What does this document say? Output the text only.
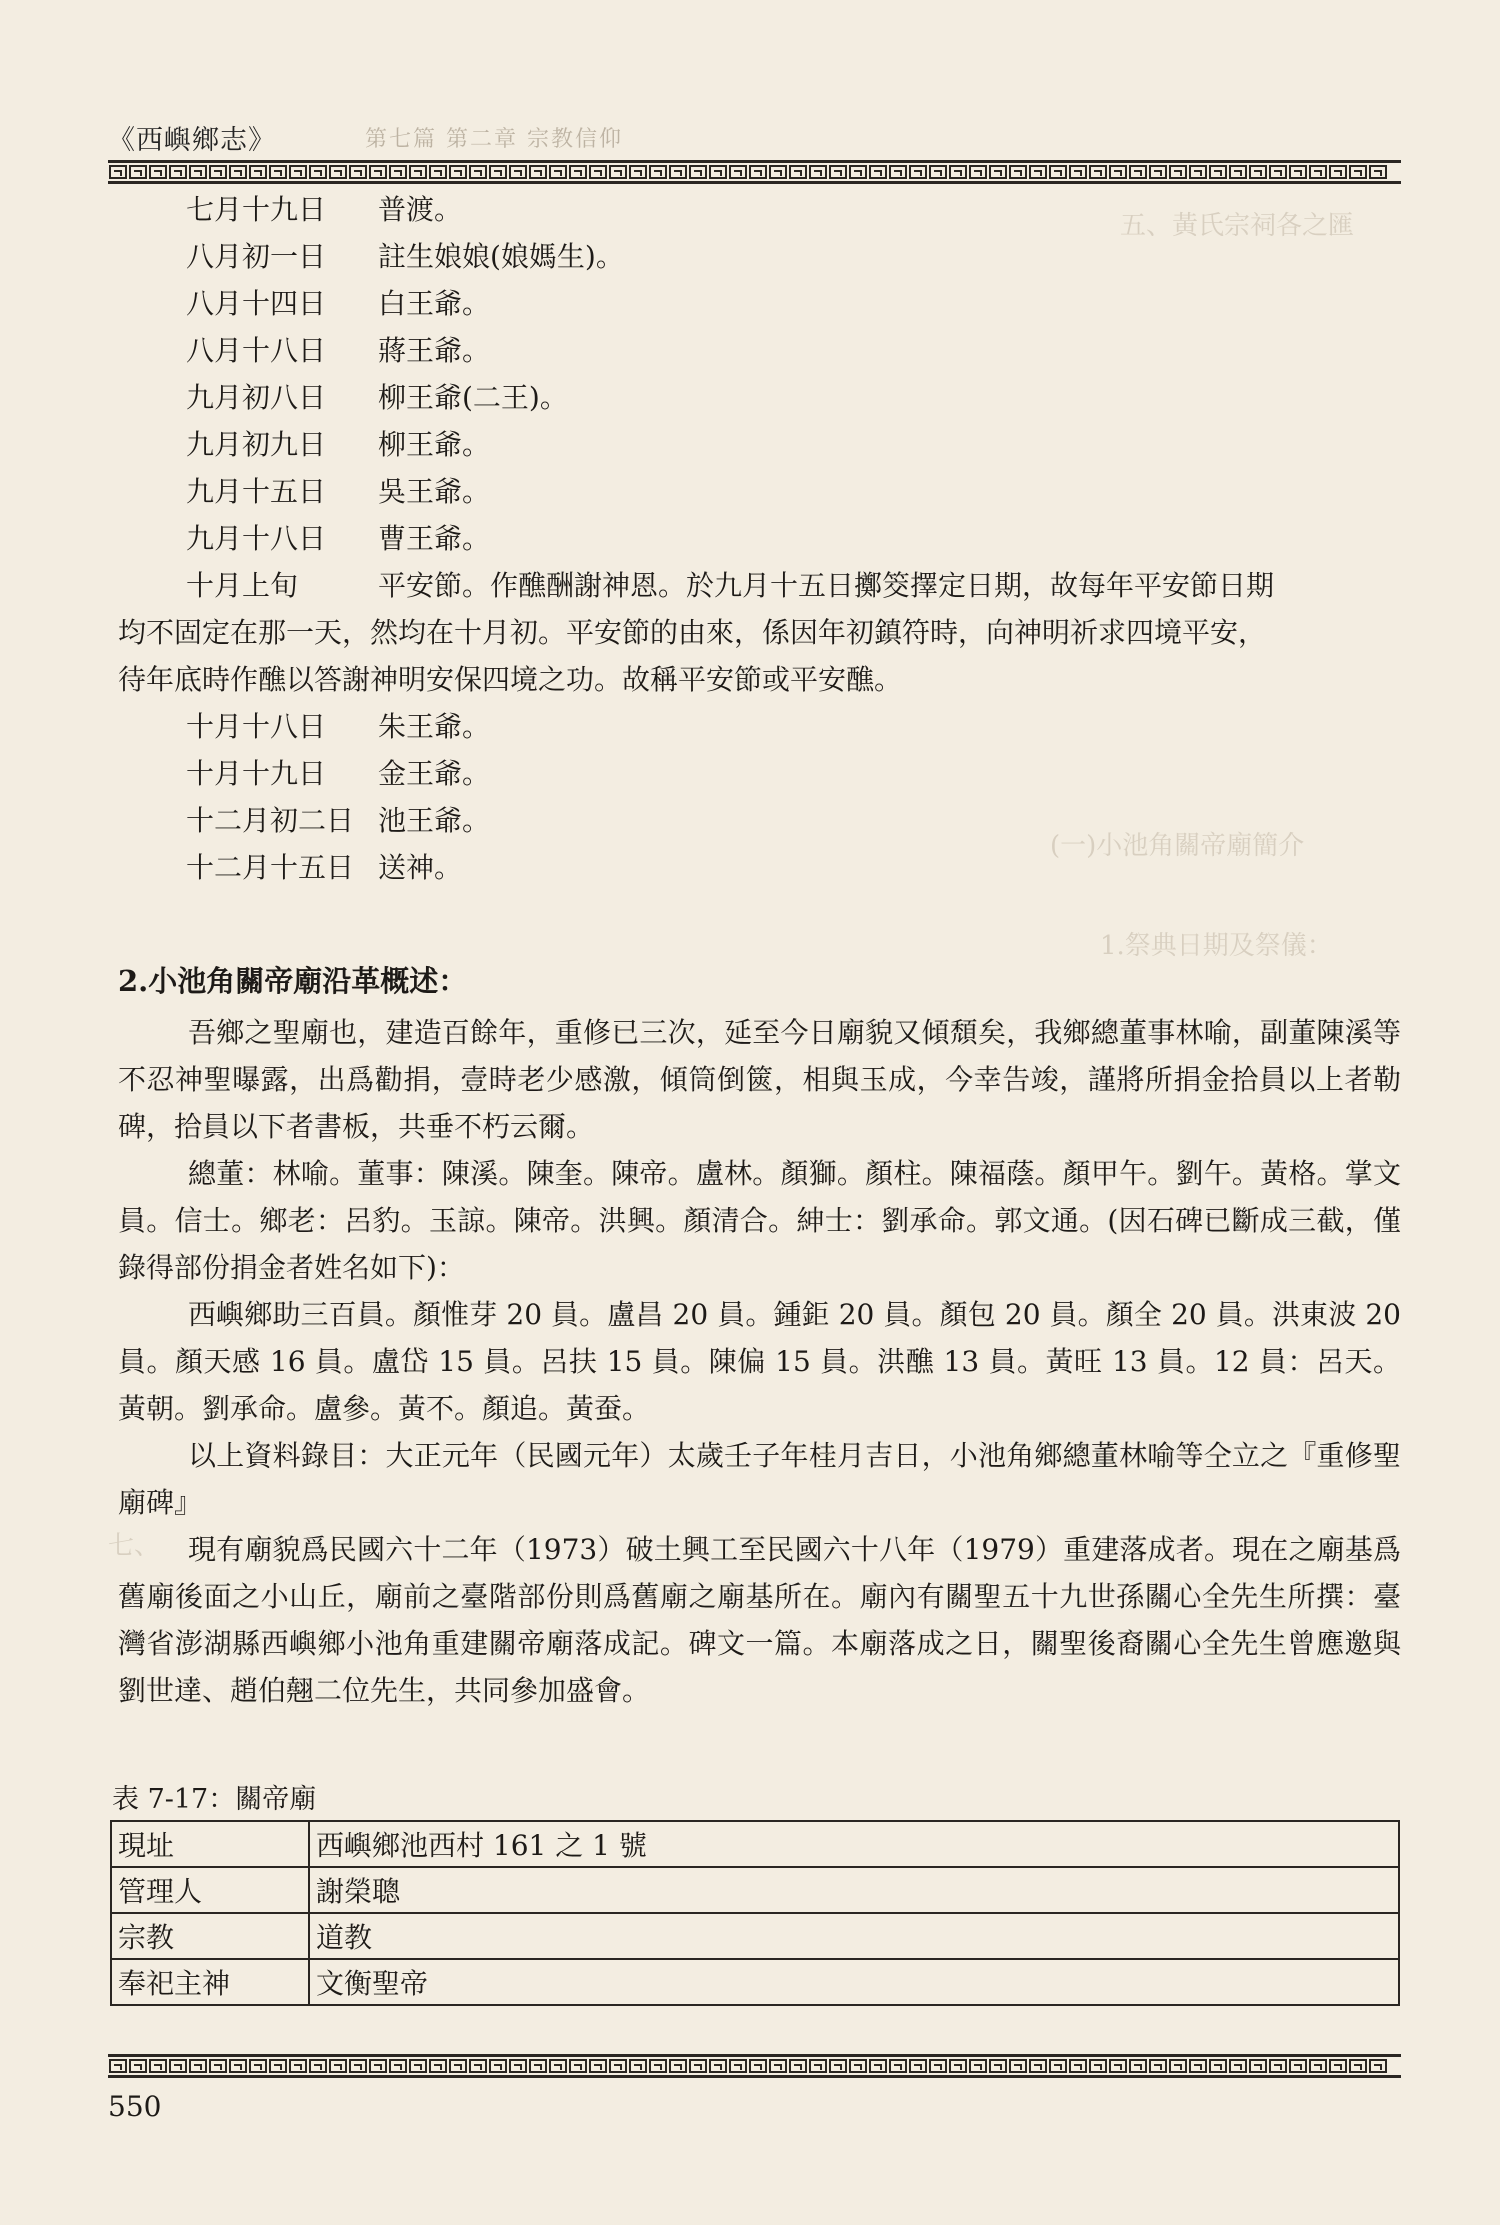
五、黃氏宗祠各之匯
(一)小池角關帝廟簡介
1.祭典日期及祭儀：
七、
《西嶼鄉志》	第七篇 第二章 宗教信仰
七月十九日	普渡。
八月初一日	註生娘娘(娘媽生)。
八月十四日	白王爺。
八月十八日	蔣王爺。
九月初八日	柳王爺(二王)。
九月初九日	柳王爺。
九月十五日	吳王爺。
九月十八日	曹王爺。
十月上旬	平安節。作醮酬謝神恩。於九月十五日擲筊擇定日期，故每年平安節日期
均不固定在那一天，然均在十月初。平安節的由來，係因年初鎮符時，向神明祈求四境平安，
待年底時作醮以答謝神明安保四境之功。故稱平安節或平安醮。
十月十八日	朱王爺。
十月十九日	金王爺。
十二月初二日 池王爺。
十二月十五日 送神。
2.小池角關帝廟沿革概述：
吾鄉之聖廟也，建造百餘年，重修已三次，延至今日廟貌又傾頹矣，我鄉總董事林喻，副董陳溪等不忍神聖曝露，出爲勸捐，壹時老少感激，傾筒倒篋，相與玉成，今幸告竣，謹將所捐金拾員以上者勒碑，拾員以下者書板，共垂不朽云爾。
總董：林喻。董事：陳溪。陳奎。陳帝。盧林。顏獅。顏柱。陳福蔭。顏甲午。劉午。黃格。掌文員。信士。鄉老：呂豹。玉諒。陳帝。洪興。顏清合。紳士：劉承命。郭文通。(因石碑已斷成三截，僅錄得部份捐金者姓名如下)：
西嶼鄉助三百員。顏惟芽 20 員。盧昌 20 員。鍾鉅 20 員。顏包 20 員。顏全 20 員。洪東波 20 員。顏天感 16 員。盧岱 15 員。呂扶 15 員。陳偏 15 員。洪醮 13 員。黃旺 13 員。12 員：呂天。黃朝。劉承命。盧參。黃不。顏追。黃蚕。
以上資料錄目：大正元年（民國元年）太歲壬子年桂月吉日，小池角鄉總董林喻等仝立之『重修聖廟碑』
現有廟貌爲民國六十二年（1973）破土興工至民國六十八年（1979）重建落成者。現在之廟基爲舊廟後面之小山丘，廟前之臺階部份則爲舊廟之廟基所在。廟內有關聖五十九世孫關心全先生所撰：臺灣省澎湖縣西嶼鄉小池角重建關帝廟落成記。碑文一篇。本廟落成之日，關聖後裔關心全先生曾應邀與劉世達、趙伯翹二位先生，共同參加盛會。
表 7-17：關帝廟
現址	西嶼鄉池西村 161 之 1 號
管理人	謝榮聰
宗教	道教
奉祀主神	文衡聖帝
550
